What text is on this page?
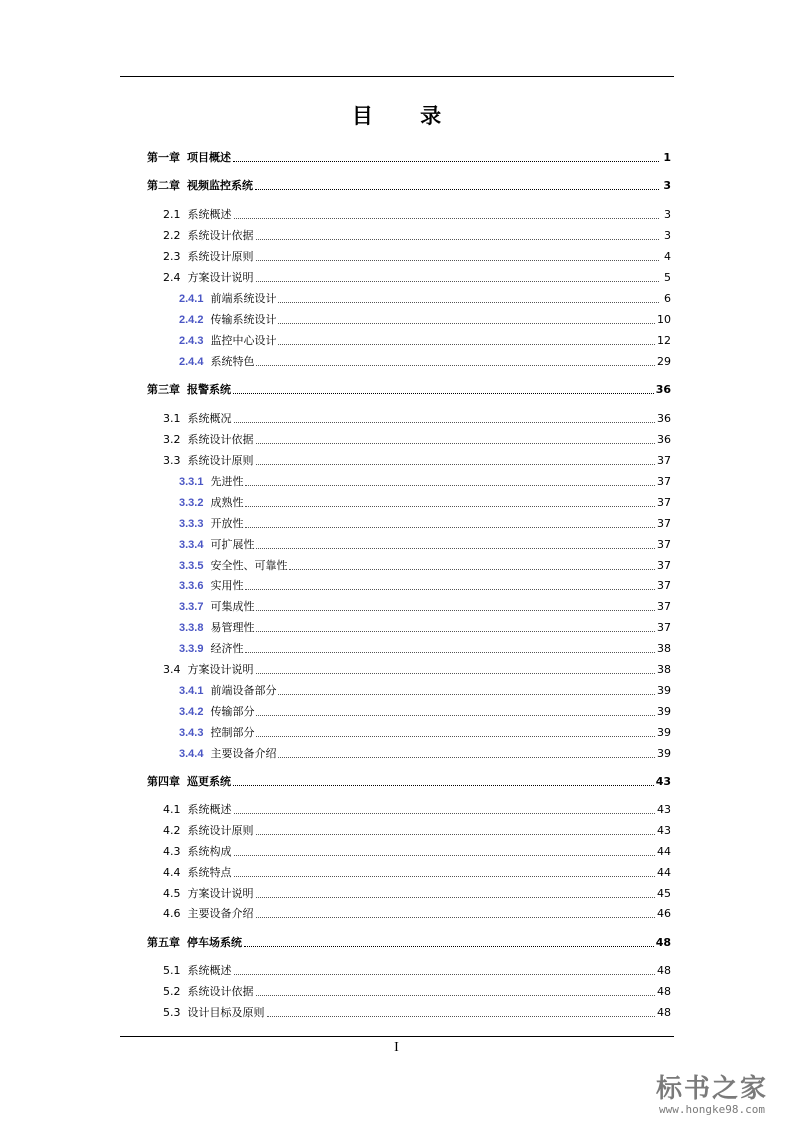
目 录
第一章 项目概述	1
第二章 视频监控系统	3
2.1 系统概述	3
2.2 系统设计依据	3
2.3 系统设计原则	4
2.4 方案设计说明	5
2.4.1 前端系统设计	6
2.4.2 传输系统设计	10
2.4.3 监控中心设计	12
2.4.4 系统特色	29
第三章 报警系统	36
3.1 系统概况	36
3.2 系统设计依据	36
3.3 系统设计原则	37
3.3.1 先进性	37
3.3.2 成熟性	37
3.3.3 开放性	37
3.3.4 可扩展性	37
3.3.5 安全性、可靠性	37
3.3.6 实用性	37
3.3.7 可集成性	37
3.3.8 易管理性	37
3.3.9 经济性	38
3.4 方案设计说明	38
3.4.1 前端设备部分	39
3.4.2 传输部分	39
3.4.3 控制部分	39
3.4.4 主要设备介绍	39
第四章 巡更系统	43
4.1 系统概述	43
4.2 系统设计原则	43
4.3 系统构成	44
4.4 系统特点	44
4.5 方案设计说明	45
4.6 主要设备介绍	46
第五章 停车场系统	48
5.1 系统概述	48
5.2 系统设计依据	48
5.3 设计目标及原则	48
I
标书之家
www.hongke98.com
